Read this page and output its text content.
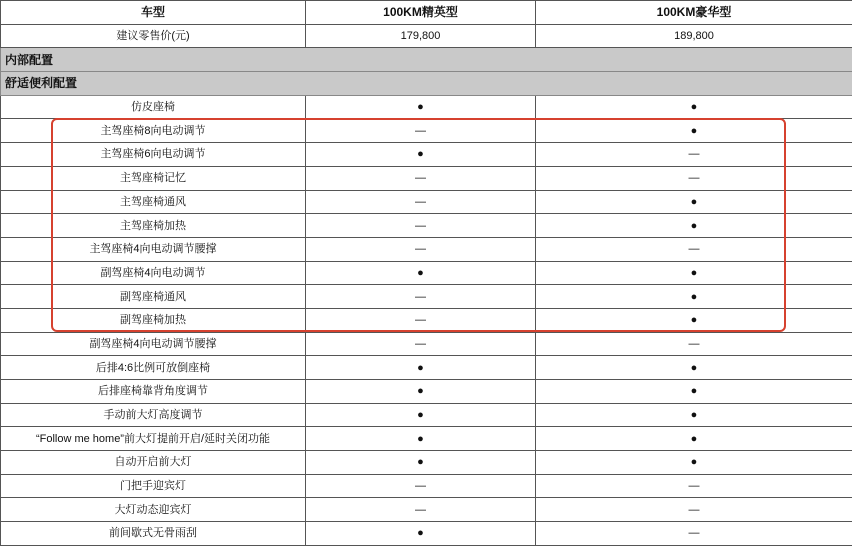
车型	100KM精英型	100KM豪华型
建议零售价(元)	179,800	189,800
内部配置		
舒适便利配置		
仿皮座椅	●	●
主驾座椅8向电动调节	—	●
主驾座椅6向电动调节	●	—
主驾座椅记忆	—	—
主驾座椅通风	—	●
主驾座椅加热	—	●
主驾座椅4向电动调节腰撑	—	—
副驾座椅4向电动调节	●	●
副驾座椅通风	—	●
副驾座椅加热	—	●
副驾座椅4向电动调节腰撑	—	—
后排4:6比例可放倒座椅	●	●
后排座椅靠背角度调节	●	●
手动前大灯高度调节	●	●
“Follow me home”前大灯提前开启/延时关闭功能	●	●
自动开启前大灯	●	●
门把手迎宾灯	—	—
大灯动态迎宾灯	—	—
前间歇式无骨雨刮	●	—
